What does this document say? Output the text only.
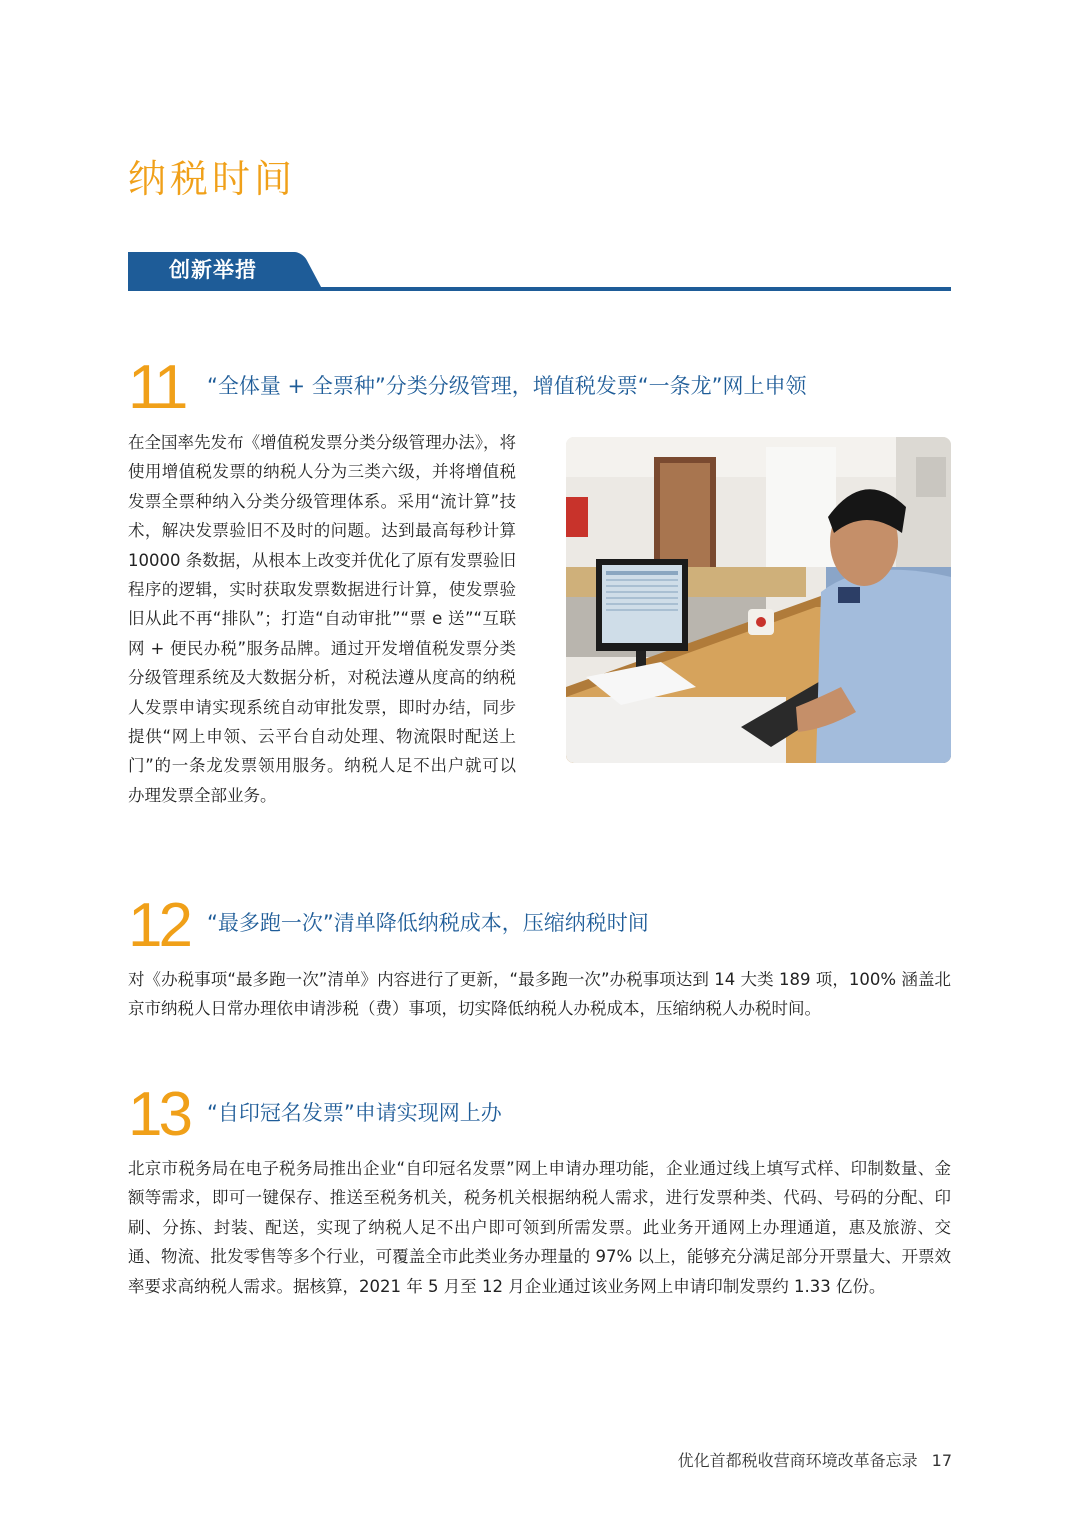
纳税时间
创新举措
11 “全体量 + 全票种”分类分级管理，增值税发票“一条龙”网上申领

在全国率先发布《增值税发票分类分级管理办法》，将使用增值税发票的纳税人分为三类六级，并将增值税发票全票种纳入分类分级管理体系。采用“流计算”技术，解决发票验旧不及时的问题。达到最高每秒计算 10000 条数据，从根本上改变并优化了原有发票验旧程序的逻辑，实时获取发票数据进行计算，使发票验旧从此不再“排队”；打造“自动审批”“票 e 送”“互联网 + 便民办税”服务品牌。通过开发增值税发票分类分级管理系统及大数据分析，对税法遵从度高的纳税人发票申请实现系统自动审批发票，即时办结，同步提供“网上申领、云平台自动处理、物流限时配送上门”的一条龙发票领用服务。纳税人足不出户就可以办理发票全部业务。

12 “最多跑一次”清单降低纳税成本，压缩纳税时间

对《办税事项“最多跑一次”清单》内容进行了更新，“最多跑一次”办税事项达到 14 大类 189 项，100% 涵盖北京市纳税人日常办理依申请涉税（费）事项，切实降低纳税人办税成本，压缩纳税人办税时间。

13 “自印冠名发票”申请实现网上办

北京市税务局在电子税务局推出企业“自印冠名发票”网上申请办理功能，企业通过线上填写式样、印制数量、金额等需求，即可一键保存、推送至税务机关，税务机关根据纳税人需求，进行发票种类、代码、号码的分配、印刷、分拣、封装、配送，实现了纳税人足不出户即可领到所需发票。此业务开通网上办理通道，惠及旅游、交通、物流、批发零售等多个行业，可覆盖全市此类业务办理量的 97% 以上，能够充分满足部分开票量大、开票效率要求高纳税人需求。据核算，2021 年 5 月至 12 月企业通过该业务网上申请印制发票约 1.33 亿份。

优化首都税收营商环境改革备忘录 17
